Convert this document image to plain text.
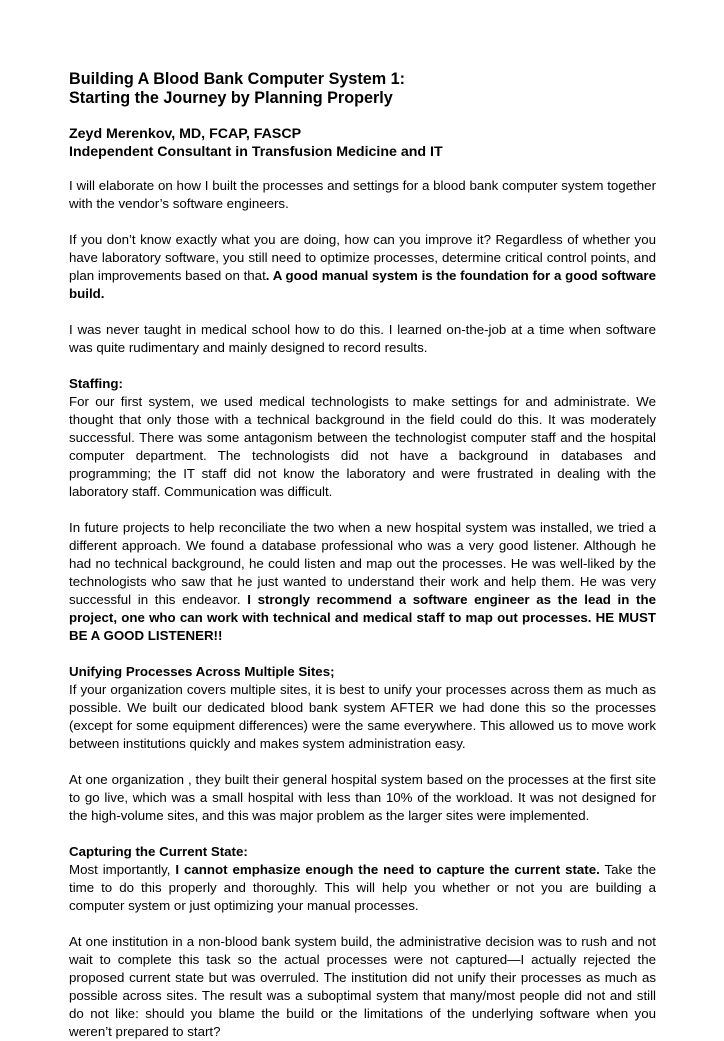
Building A Blood Bank Computer System 1:
Starting the Journey by Planning Properly
Zeyd Merenkov, MD, FCAP, FASCP
Independent Consultant in Transfusion Medicine and IT

I will elaborate on how I built the processes and settings for a blood bank computer system together with the vendor’s software engineers.

If you don’t know exactly what you are doing, how can you improve it? Regardless of whether you have laboratory software, you still need to optimize processes, determine critical control points, and plan improvements based on that. A good manual system is the foundation for a good software build.

I was never taught in medical school how to do this. I learned on-the-job at a time when software was quite rudimentary and mainly designed to record results.

Staffing:

For our first system, we used medical technologists to make settings for and administrate. We thought that only those with a technical background in the field could do this. It was moderately successful. There was some antagonism between the technologist computer staff and the hospital computer department. The technologists did not have a background in databases and programming; the IT staff did not know the laboratory and were frustrated in dealing with the laboratory staff. Communication was difficult.

In future projects to help reconciliate the two when a new hospital system was installed, we tried a different approach. We found a database professional who was a very good listener. Although he had no technical background, he could listen and map out the processes. He was well-liked by the technologists who saw that he just wanted to understand their work and help them. He was very successful in this endeavor. I strongly recommend a software engineer as the lead in the project, one who can work with technical and medical staff to map out processes. HE MUST BE A GOOD LISTENER!!

Unifying Processes Across Multiple Sites;

If your organization covers multiple sites, it is best to unify your processes across them as much as possible. We built our dedicated blood bank system AFTER we had done this so the processes (except for some equipment differences) were the same everywhere. This allowed us to move work between institutions quickly and makes system administration easy.

At one organization , they built their general hospital system based on the processes at the first site to go live, which was a small hospital with less than 10% of the workload. It was not designed for the high-volume sites, and this was major problem as the larger sites were implemented.

Capturing the Current State:

Most importantly, I cannot emphasize enough the need to capture the current state. Take the time to do this properly and thoroughly. This will help you whether or not you are building a computer system or just optimizing your manual processes.

At one institution in a non-blood bank system build, the administrative decision was to rush and not wait to complete this task so the actual processes were not captured—I actually rejected the proposed current state but was overruled. The institution did not unify their processes as much as possible across sites. The result was a suboptimal system that many/most people did not and still do not like: should you blame the build or the limitations of the underlying software when you weren’t prepared to start?
